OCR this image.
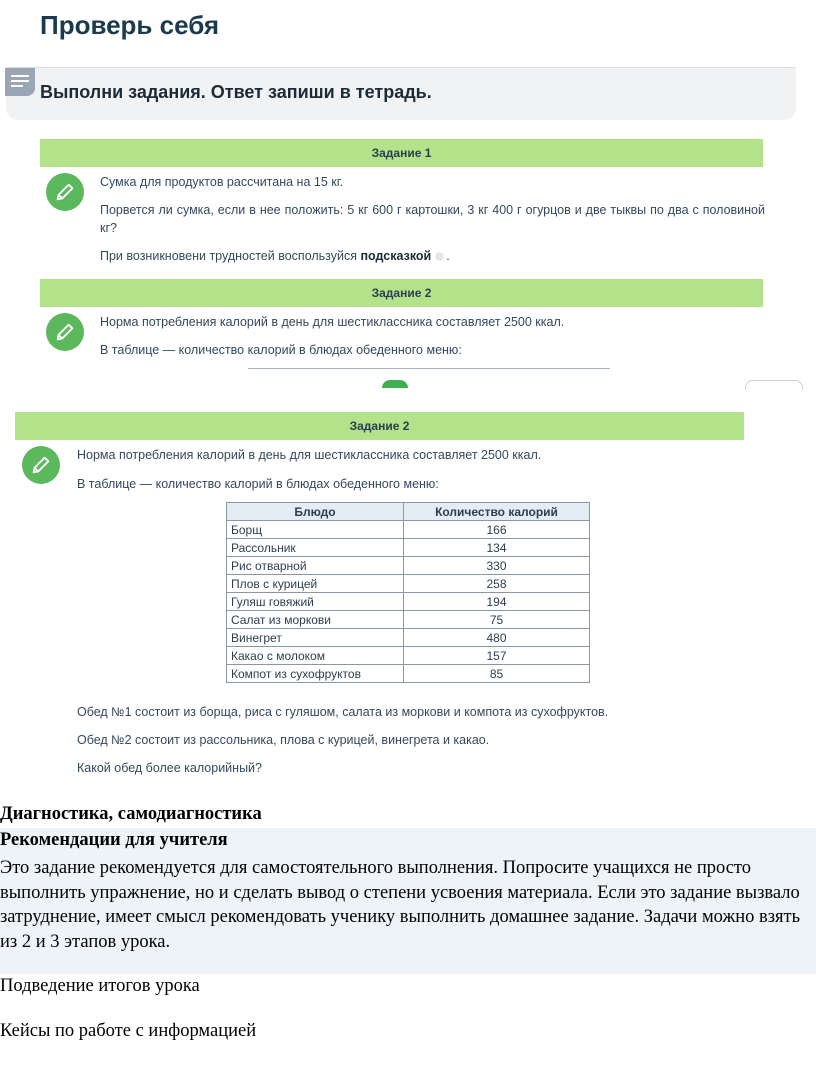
Проверь себя
Выполни задания. Ответ запиши в тетрадь.
Задание 1
Сумка для продуктов рассчитана на 15 кг.
Порвется ли сумка, если в нее положить: 5 кг 600 г картошки, 3 кг 400 г огурцов и две тыквы по два с половиной кг?
При возникновени трудностей воспользуйся подсказкой .
Задание 2
Норма потребления калорий в день для шестиклассника составляет 2500 ккал.
В таблице — количество калорий в блюдах обеденного меню:
Задание 2
Норма потребления калорий в день для шестиклассника составляет 2500 ккал.
В таблице — количество калорий в блюдах обеденного меню:
Блюдо	Количество калорий
Борщ	166
Рассольник	134
Рис отварной	330
Плов с курицей	258
Гуляш говяжий	194
Салат из моркови	75
Винегрет	480
Какао с молоком	157
Компот из сухофруктов	85
Обед №1 состоит из борща, риса с гуляшом, салата из моркови и компота из сухофруктов.
Обед №2 состоит из рассольника, плова с курицей, винегрета и какао.
Какой обед более калорийный?
Диагностика, самодиагностика
Рекомендации для учителя
Это задание рекомендуется для самостоятельного выполнения. Попросите учащихся не просто выполнить упражнение, но и сделать вывод о степени усвоения материала. Если это задание вызвало затруднение, имеет смысл рекомендовать ученику выполнить домашнее задание. Задачи можно взять из 2 и 3 этапов урока.
Подведение итогов урока
Кейсы по работе с информацией
